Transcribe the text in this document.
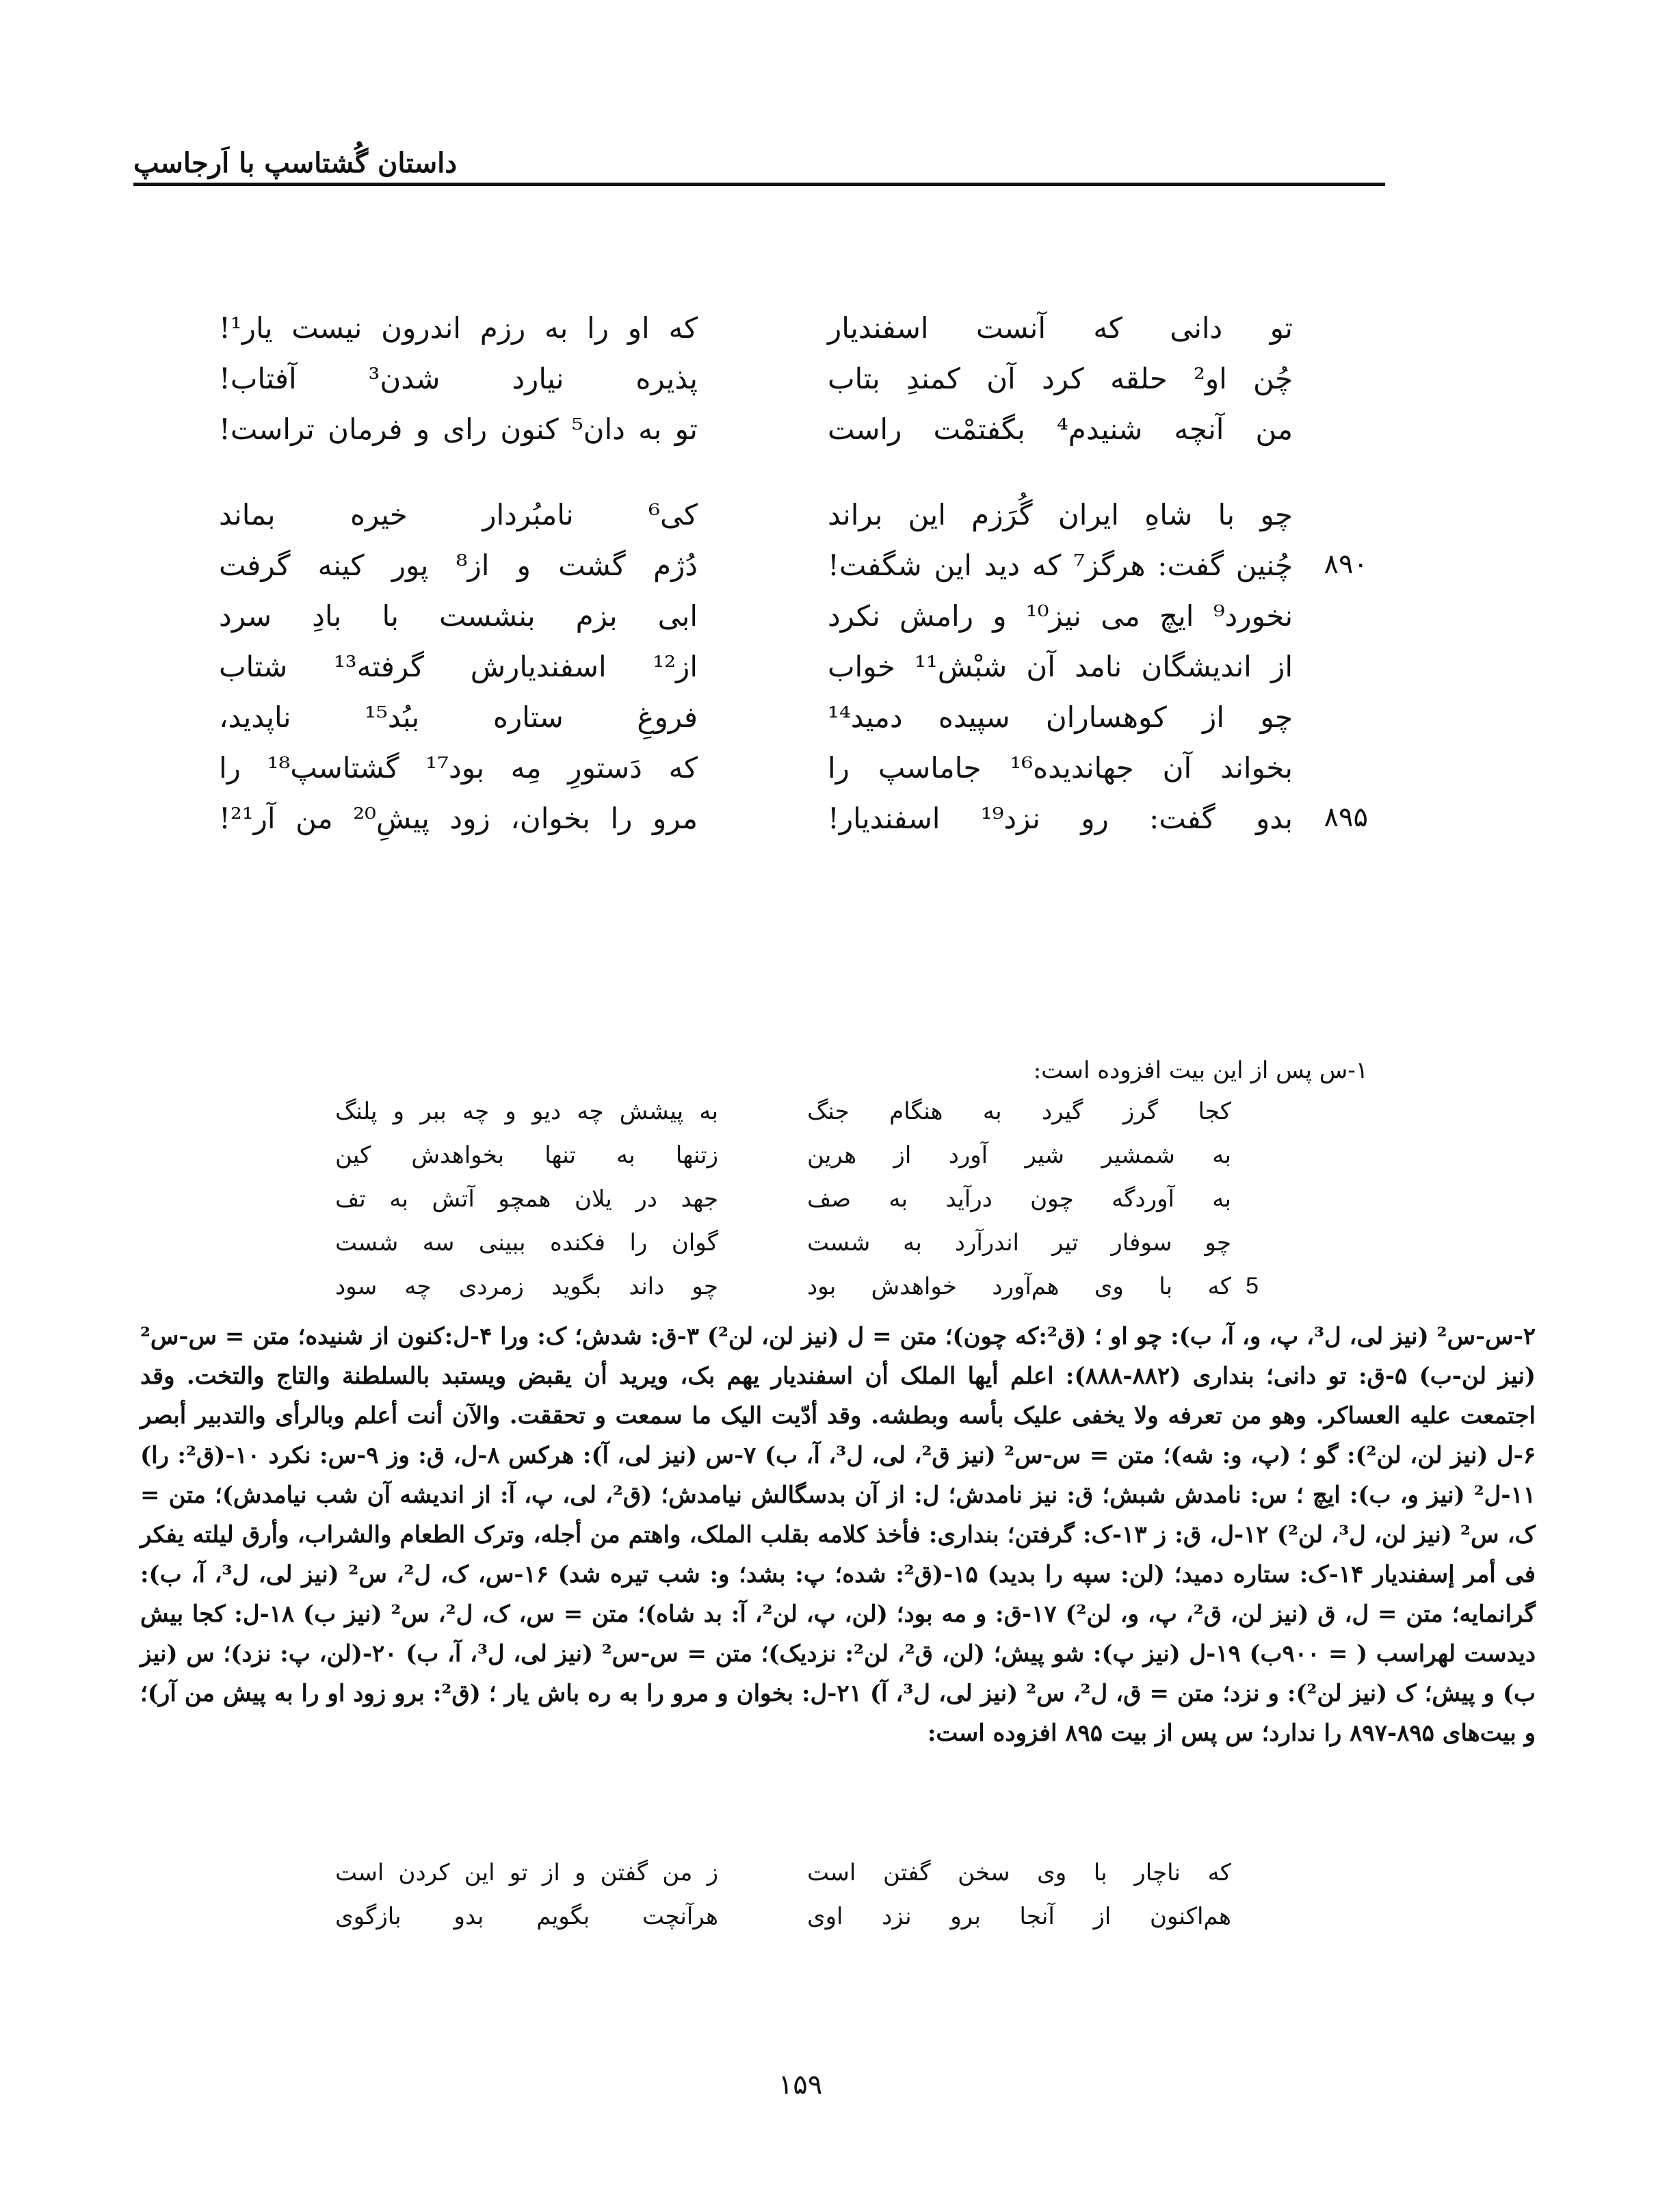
داستان گُشتاسپ با اَرجاسپ
تو دانی که آنست اسفندیار
که او را به رزم اندرون نیست یار¹!
چُن او² حلقه کرد آن کمندِ بتاب
پذیره نیارد شدن³ آفتاب!
من آنچه شنیدم⁴ بگفتمْت راست
تو به دان⁵ کنون رای و فرمان تراست!
چو با شاهِ ایران گُرَزم این براند
کی⁶ نامبُردار خیره بماند
۸۹۰
چُنین گفت: هرگز⁷ که دید این شگفت!
دُژم گشت و از⁸ پور کینه گرفت
نخورد⁹ ایچ می نیز¹⁰ و رامش نکرد
ابی بزم بنشست با بادِ سرد
از اندیشگان نامد آن شبْش¹¹ خواب
از¹² اسفندیارش گرفته¹³ شتاب
چو از کوهساران سپیده دمید¹⁴
فروغِ ستاره ببُد¹⁵ ناپدید،
بخواند آن جهاندیده¹⁶ جاماسپ را
که دَستورِ مِه بود¹⁷ گشتاسپ¹⁸ را
۸۹۵
بدو گفت: رو نزد¹⁹ اسفندیار!
مرو را بخوان، زود پیشِ²⁰ من آر²¹!
۱-س پس از این بیت افزوده است:
کجا گرز گیرد به هنگام جنگ
به پیشش چه دیو و چه ببر و پلنگ
به شمشیر شیر آورد از هرین
زتنها به تنها بخواهدش کین
به آوردگه چون درآید به صف
جهد در یلان همچو آتش به تف
چو سوفار تیر اندرآرد به شست
گوان را فکنده ببینی سه شست
5
که با وی هم‌آورد خواهدش بود
چو داند بگوید زمردی چه سود
۲-س-س² (نیز لی، ل³، پ، و، آ، ب): چو او ؛ (ق²:که چون)؛ متن = ل (نیز لن، لن²) ۳-ق: شدش؛ ک: ورا ۴-ل:کنون از شنیده؛ متن = س-س² (نیز لن-ب) ۵-ق: تو دانی؛ بنداری (۸۸۲-۸۸۸): اعلم أیها الملک أن اسفندیار یهم بک، ویرید أن یقبض ویستبد بالسلطنة والتاج والتخت. وقد اجتمعت علیه العساکر. وهو من تعرفه ولا یخفی علیک بأسه وبطشه. وقد أدّیت الیک ما سمعت و تحققت. والآن أنت أعلم وبالرأی والتدبیر أبصر ۶-ل (نیز لن، لن²): گو ؛ (پ، و: شه)؛ متن = س-س² (نیز ق²، لی، ل³، آ، ب) ۷-س (نیز لی، آ): هرکس ۸-ل، ق: وز ۹-س: نکرد ۱۰-(ق²: را) ۱۱-ل² (نیز و، ب): ایچ ؛ س: نامدش شبش؛ ق: نیز نامدش؛ ل: از آن بدسگالش نیامدش؛ (ق²، لی، پ، آ: از اندیشه آن شب نیامدش)؛ متن = ک، س² (نیز لن، ل³، لن²) ۱۲-ل، ق: ز ۱۳-ک: گرفتن؛ بنداری: فأخذ کلامه بقلب الملک، واهتم من أجله، وترک الطعام والشراب، وأرق لیلته یفکر فی أمر إسفندیار ۱۴-ک: ستاره دمید؛ (لن: سپه را بدید) ۱۵-(ق²: شده؛ پ: بشد؛ و: شب تیره شد) ۱۶-س، ک، ل²، س² (نیز لی، ل³، آ، ب): گرانمایه؛ متن = ل، ق (نیز لن، ق²، پ، و، لن²) ۱۷-ق: و مه بود؛ (لن، پ، لن²، آ: بد شاه)؛ متن = س، ک، ل²، س² (نیز ب) ۱۸-ل: کجا بیش دیدست لهراسب ( = ۹۰۰ب) ۱۹-ل (نیز پ): شو پیش؛ (لن، ق²، لن²: نزدیک)؛ متن = س-س² (نیز لی، ل³، آ، ب) ۲۰-(لن، پ: نزد)؛ س (نیز ب) و پیش؛ ک (نیز لن²): و نزد؛ متن = ق، ل²، س² (نیز لی، ل³، آ) ۲۱-ل: بخوان و مرو را به ره باش یار ؛ (ق²: برو زود او را به پیش من آر)؛ و بیت‌های ۸۹۵-۸۹۷ را ندارد؛ س پس از بیت ۸۹۵ افزوده است:
که ناچار با وی سخن گفتن است
ز من گفتن و از تو این کردن است
هم‌اکنون از آنجا برو نزد اوی
هرآنچت بگویم بدو بازگوی
۱۵۹
